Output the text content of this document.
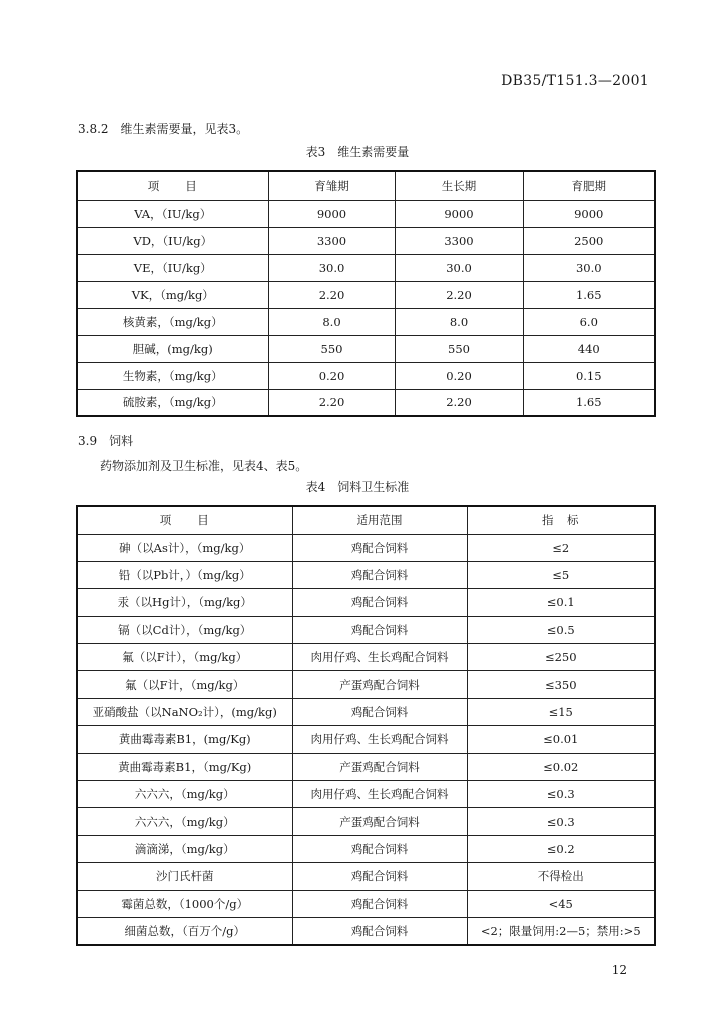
DB35/T151.3—2001
3.8.2　维生素需要量，见表3。
表3　维生素需要量
项　　目	育雏期	生长期	育肥期
VA，（IU/kg）	9000	9000	9000
VD，（IU/kg）	3300	3300	2500
VE，（IU/kg）	30.0	30.0	30.0
VK，（mg/kg）	2.20	2.20	1.65
核黄素，（mg/kg）	8.0	8.0	6.0
胆碱，(mg/kg)	550	550	440
生物素，（mg/kg）	0.20	0.20	0.15
硫胺素，（mg/kg）	2.20	2.20	1.65
3.9　饲料
药物添加剂及卫生标准，见表4、表5。
表4　饲料卫生标准
项　　目	适用范围	指　标
砷（以As计），（mg/kg）	鸡配合饲料	≤2
铅（以Pb计，）（mg/kg）	鸡配合饲料	≤5
汞（以Hg计），（mg/kg）	鸡配合饲料	≤0.1
镉（以Cd计），（mg/kg）	鸡配合饲料	≤0.5
氟（以F计），（mg/kg）	肉用仔鸡、生长鸡配合饲料	≤250
氟（以F计，（mg/kg）	产蛋鸡配合饲料	≤350
亚硝酸盐（以NaNO₂计），(mg/kg)	鸡配合饲料	≤15
黄曲霉毒素B1，(mg/Kg)	肉用仔鸡、生长鸡配合饲料	≤0.01
黄曲霉毒素B1，（mg/Kg)	产蛋鸡配合饲料	≤0.02
六六六，（mg/kg）	肉用仔鸡、生长鸡配合饲料	≤0.3
六六六，（mg/kg）	产蛋鸡配合饲料	≤0.3
滴滴涕，（mg/kg）	鸡配合饲料	≤0.2
沙门氏杆菌	鸡配合饲料	不得检出
霉菌总数，（1000个/g）	鸡配合饲料	<45
细菌总数，（百万个/g）	鸡配合饲料	<2；限量饲用:2—5；禁用:>5
12
